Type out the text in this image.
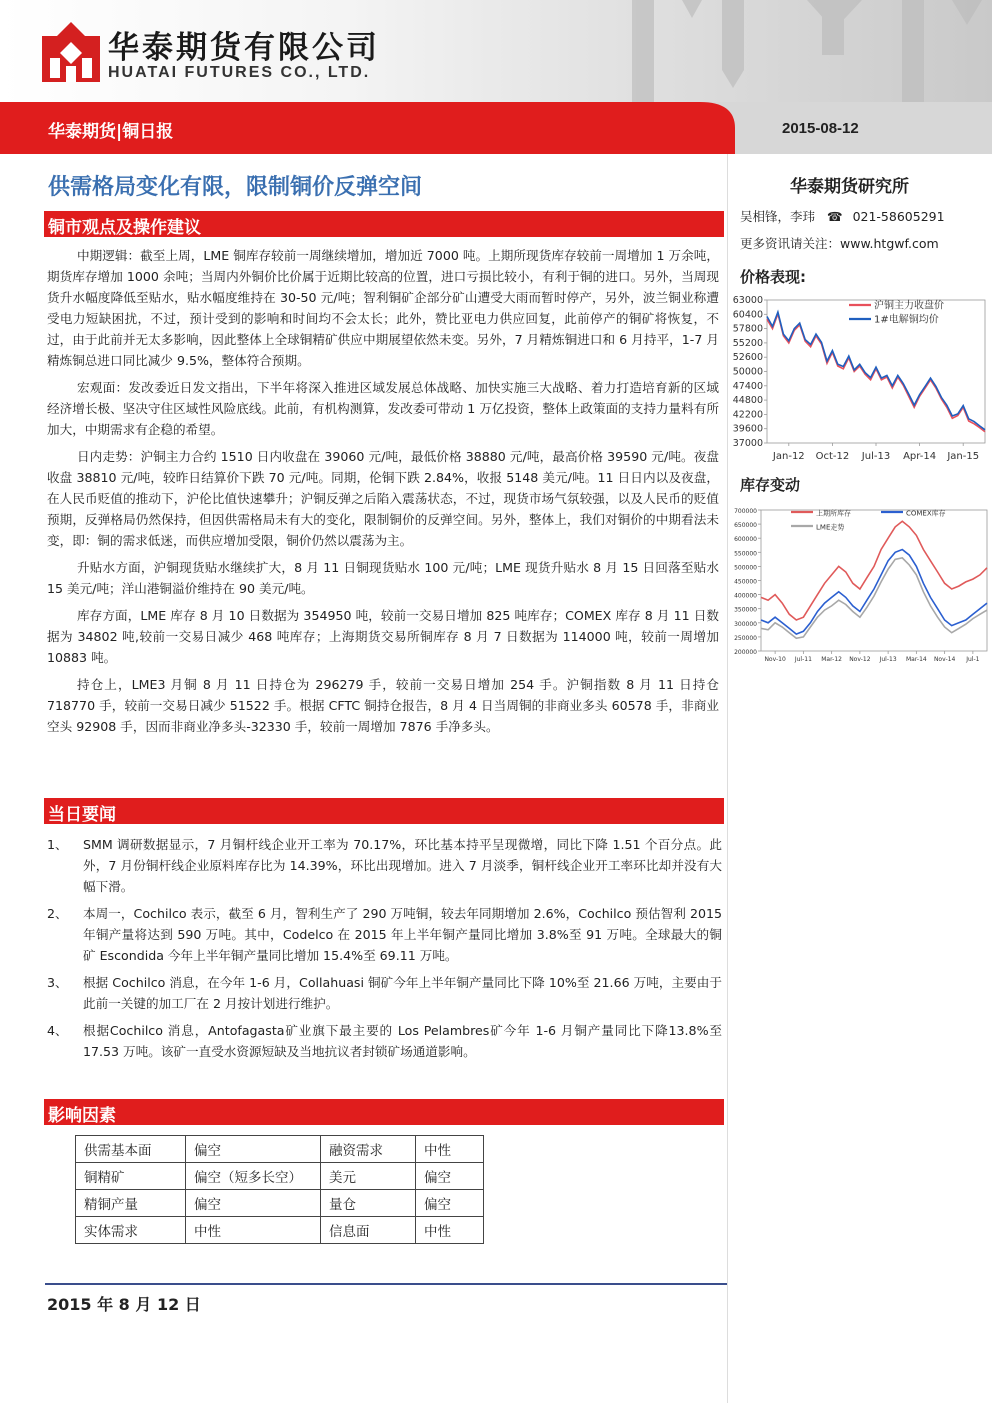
华泰期货有限公司
HUATAI FUTURES CO., LTD.
华泰期货|铜日报	2015-08-12
华泰期货研究所
吴相锋，李玮 ☎ 021-58605291
更多资讯请关注：www.htgwf.com
价格表现:
63000
60400
57800
55200
52600
50000
47400
44800
42200
39600
37000
Jan-12 Oct-12 Jul-13 Apr-14 Jan-15
沪铜主力收盘价
1#电解铜均价
库存变动
700000
650000
600000
550000
500000
450000
400000
350000
300000
250000
200000
Nov-10 Jul-11 Mar-12 Nov-12 Jul-13 Mar-14 Nov-14 Jul-1
上期所库存	COMEX库存
LME走势
供需格局变化有限，限制铜价反弹空间
铜市观点及操作建议

中期逻辑：截至上周，LME 铜库存较前一周继续增加，增加近 7000 吨。上期所现货库存较前一周增加 1 万余吨，期货库存增加 1000 余吨；当周内外铜价比价属于近期比较高的位置，进口亏损比较小，有利于铜的进口。另外，当周现货升水幅度降低至贴水，贴水幅度维持在 30-50 元/吨；智利铜矿企部分矿山遭受大雨而暂时停产，另外，波兰铜业称遭受电力短缺困扰，不过，预计受到的影响和时间均不会太长；此外，赞比亚电力供应回复，此前停产的铜矿将恢复，不过，由于此前并无太多影响，因此整体上全球铜精矿供应中期展望依然未变。另外，7 月精炼铜进口和 6 月持平，1-7 月精炼铜总进口同比减少 9.5%，整体符合预期。

宏观面：发改委近日发文指出，下半年将深入推进区域发展总体战略、加快实施三大战略、着力打造培育新的区域经济增长极、坚决守住区域性风险底线。此前，有机构测算，发改委可带动 1 万亿投资，整体上政策面的支持力量料有所加大，中期需求有企稳的希望。

日内走势：沪铜主力合约 1510 日内收盘在 39060 元/吨，最低价格 38880 元/吨，最高价格 39590 元/吨。夜盘收盘 38810 元/吨，较昨日结算价下跌 70 元/吨。同期，伦铜下跌 2.84%，收报 5148 美元/吨。11 日日内以及夜盘，在人民币贬值的推动下，沪伦比值快速攀升；沪铜反弹之后陷入震荡状态，不过，现货市场气氛较强，以及人民币的贬值预期，反弹格局仍然保持，但因供需格局未有大的变化，限制铜价的反弹空间。另外，整体上，我们对铜价的中期看法未变，即：铜的需求低迷，而供应增加受限，铜价仍然以震荡为主。

升贴水方面，沪铜现货贴水继续扩大，8 月 11 日铜现货贴水 100 元/吨；LME 现货升贴水 8 月 15 日回落至贴水 15 美元/吨；洋山港铜溢价维持在 90 美元/吨。

库存方面，LME 库存 8 月 10 日数据为 354950 吨，较前一交易日增加 825 吨库存；COMEX 库存 8 月 11 日数据为 34802 吨,较前一交易日减少 468 吨库存；上海期货交易所铜库存 8 月 7 日数据为 114000 吨，较前一周增加 10883 吨。

持仓上，LME3 月铜 8 月 11 日持仓为 296279 手，较前一交易日增加 254 手。沪铜指数 8 月 11 日持仓 718770 手，较前一交易日减少 51522 手。根据 CFTC 铜持仓报告，8 月 4 日当周铜的非商业多头 60578 手，非商业空头 92908 手，因而非商业净多头-32330 手，较前一周增加 7876 手净多头。

当日要闻
1、 SMM 调研数据显示，7 月铜杆线企业开工率为 70.17%，环比基本持平呈现微增，同比下降 1.51 个百分点。此外，7 月份铜杆线企业原料库存比为 14.39%，环比出现增加。进入 7 月淡季，铜杆线企业开工率环比却并没有大幅下滑。
2、 本周一，Cochilco 表示，截至 6 月，智利生产了 290 万吨铜，较去年同期增加 2.6%，Cochilco 预估智利 2015 年铜产量将达到 590 万吨。其中，Codelco 在 2015 年上半年铜产量同比增加 3.8%至 91 万吨。全球最大的铜矿 Escondida 今年上半年铜产量同比增加 15.4%至 69.11 万吨。
3、 根据 Cochilco 消息，在今年 1-6 月，Collahuasi 铜矿今年上半年铜产量同比下降 10%至 21.66 万吨，主要由于此前一关键的加工厂在 2 月按计划进行维护。
4、 根据Cochilco 消息，Antofagasta矿业旗下最主要的 Los Pelambres矿今年 1-6 月铜产量同比下降13.8%至 17.53 万吨。该矿一直受水资源短缺及当地抗议者封锁矿场通道影响。
影响因素
供需基本面	偏空	融资需求	中性
铜精矿	偏空（短多长空）	美元	偏空
精铜产量	偏空	量仓	偏空
实体需求	中性	信息面	中性
2015 年 8 月 12 日
